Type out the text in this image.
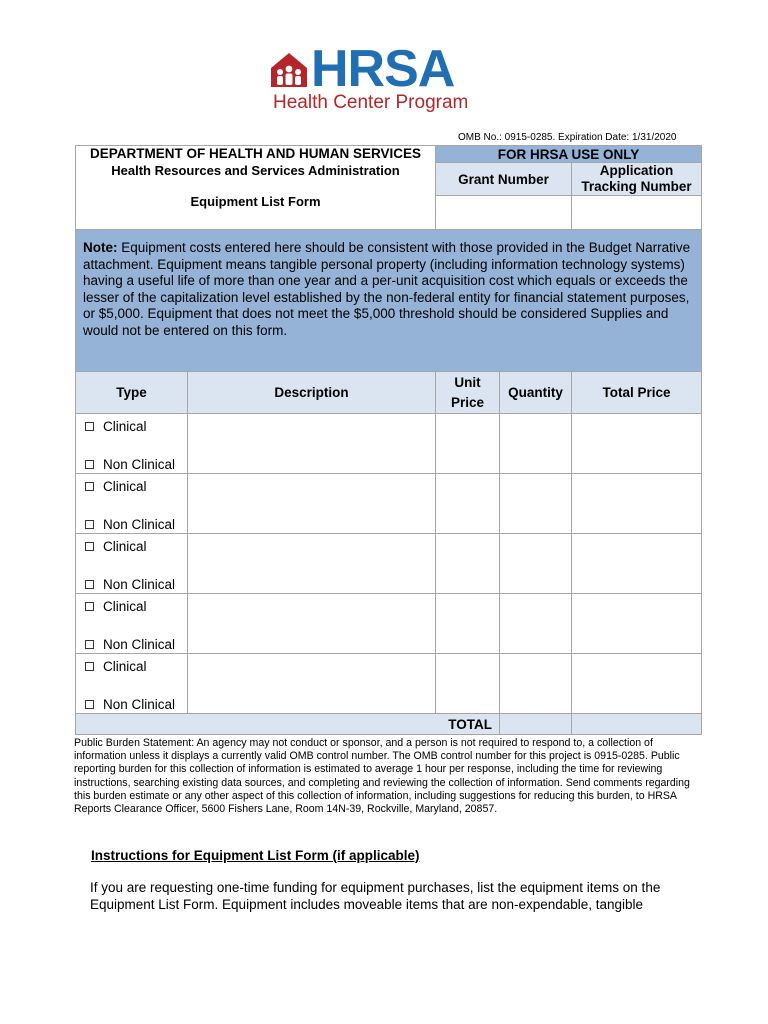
HRSA
Health Center Program
OMB No.: 0915-0285. Expiration Date: 1/31/2020
DEPARTMENT OF HEALTH AND HUMAN SERVICES
Health Resources and Services Administration
Equipment List Form		FOR HRSA USE ONLY		
		Grant Number		Application Tracking Number

Note: Equipment costs entered here should be consistent with those provided in the Budget Narrative attachment. Equipment means tangible personal property (including information technology systems) having a useful life of more than one year and a per-unit acquisition cost which equals or exceeds the lesser of the capitalization level established by the non-federal entity for financial statement purposes, or $5,000. Equipment that does not meet the $5,000 threshold should be considered Supplies and would not be entered on this form.				
Type	Description	Unit Price	Quantity	Total Price

Clinical
Non Clinical				

Clinical
Non Clinical				

Clinical
Non Clinical				

Clinical
Non Clinical				

Clinical
Non Clinical				

TOTAL				
Public Burden Statement: An agency may not conduct or sponsor, and a person is not required to respond to, a collection of information unless it displays a currently valid OMB control number. The OMB control number for this project is 0915-0285. Public reporting burden for this collection of information is estimated to average 1 hour per response, including the time for reviewing instructions, searching existing data sources, and completing and reviewing the collection of information. Send comments regarding this burden estimate or any other aspect of this collection of information, including suggestions for reducing this burden, to HRSA Reports Clearance Officer, 5600 Fishers Lane, Room 14N-39, Rockville, Maryland, 20857.
Instructions for Equipment List Form (if applicable)
If you are requesting one-time funding for equipment purchases, list the equipment items on the Equipment List Form. Equipment includes moveable items that are non-expendable, tangible
